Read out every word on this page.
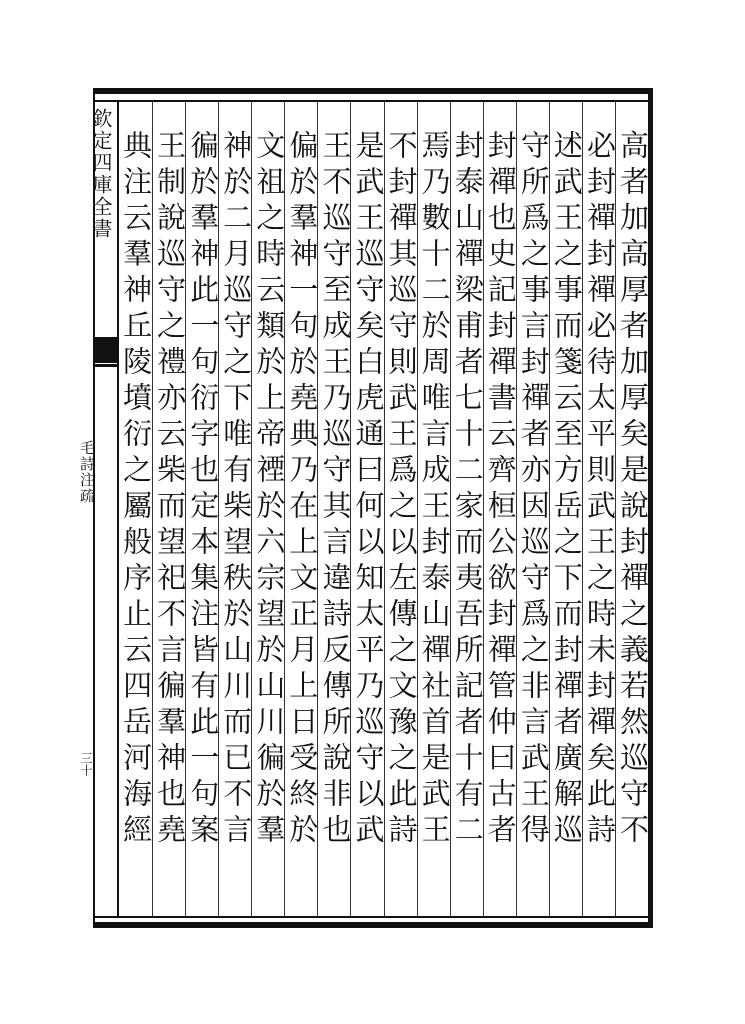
欽定四庫全書
毛詩注疏
三十	高者加高厚者加厚矣是說封禪之義若然巡守不
必封禪封禪必待太平則武王之時未封禪矣此詩
述武王之事而箋云至方岳之下而封禪者廣解巡
守所爲之事言封禪者亦因巡守爲之非言武王得
封禪也史記封禪書云齊桓公欲封禪管仲曰古者
封泰山禪梁甫者七十二家而夷吾所記者十有二
焉乃數十二於周唯言成王封泰山禪社首是武王
不封禪其巡守則武王爲之以左傳之文豫之此詩
是武王巡守矣白虎通曰何以知太平乃巡守以武
王不巡守至成王乃巡守其言違詩反傳所說非也
偏於羣神一句於堯典乃在上文正月上日受終於
文祖之時云類於上帝禋於六宗望於山川徧於羣
神於二月巡守之下唯有柴望秩於山川而已不言
徧於羣神此一句衍字也定本集注皆有此一句案
王制說巡守之禮亦云柴而望祀不言徧羣神也堯
典注云羣神丘陵墳衍之屬般序止云四岳河海經
